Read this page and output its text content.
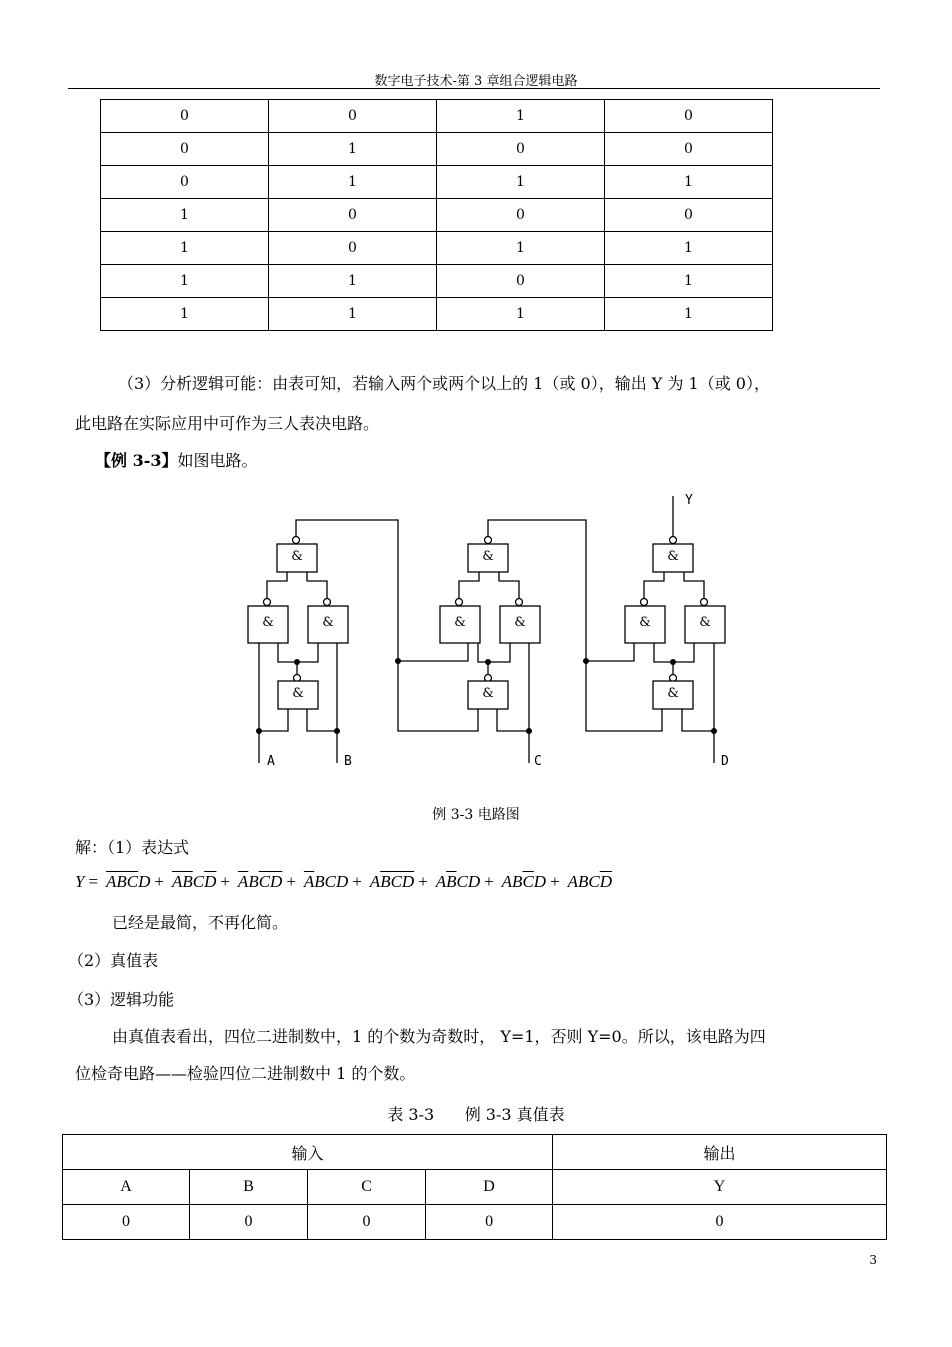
数字电子技术-第 3 章组合逻辑电路
0	0	1	0
0	1	0	0
0	1	1	1
1	0	0	0
1	0	1	1
1	1	0	1
1	1	1	1
（3）分析逻辑可能：由表可知，若输入两个或两个以上的 1（或 0），输出 Y 为 1（或 0），
此电路在实际应用中可作为三人表决电路。
【例 3-3】如图电路。
&
&	&
&
&
&	&
&
&
&	&
&
A	B	C	D
Y
例 3-3 电路图
解：（1）表达式
$Y = \overline{A}\overline{B}\overline{C}D + \overline{A}\overline{B}C\overline{D} + \overline{A}B\overline{C}\overline{D} + \overline{A}BCD + A\overline{B}\overline{C}\overline{D} + A\overline{B}CD + AB\overline{C}D + ABC\overline{D}$
已经是最简，不再化简。
（2）真值表
（3）逻辑功能
由真值表看出，四位二进制数中，1 的个数为奇数时， Y=1，否则 Y=0。所以，该电路为四
位检奇电路——检验四位二进制数中 1 的个数。
表 3-3      例 3-3 真值表
输入				输出
A	B	C	D	Y
0	0	0	0	0
3
